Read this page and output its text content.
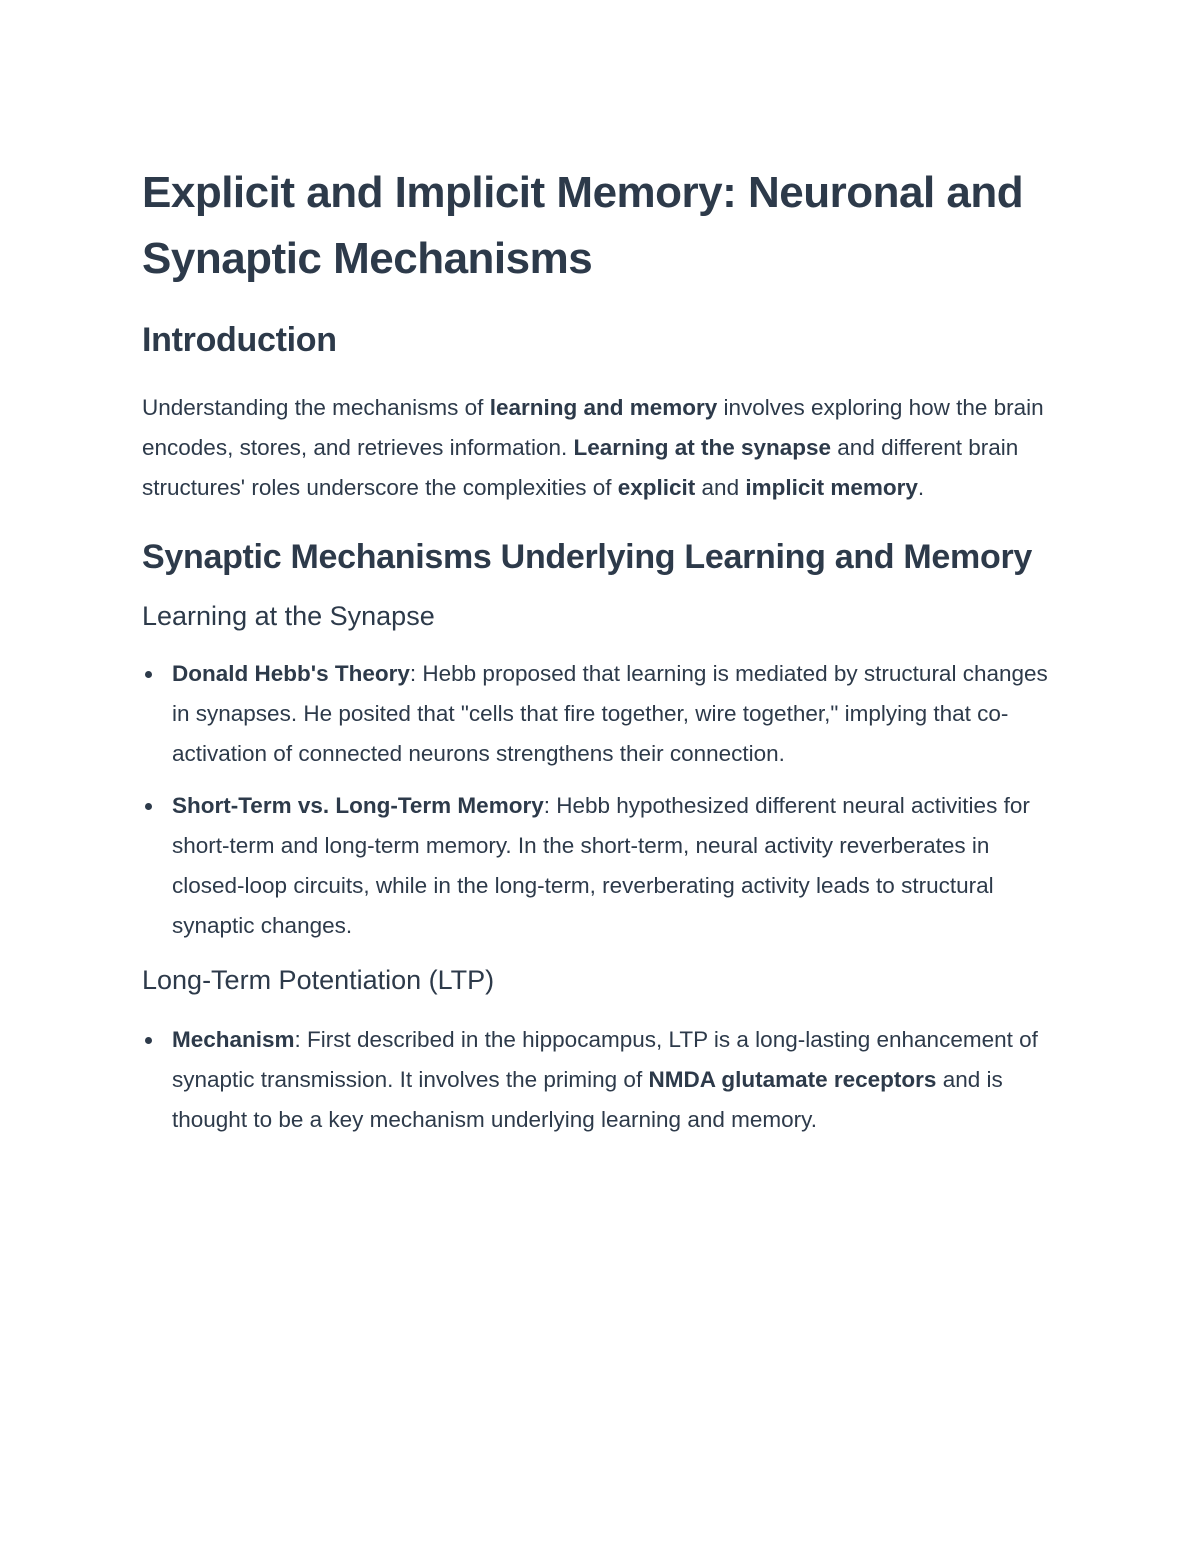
Explicit and Implicit Memory: Neuronal and Synaptic Mechanisms
Introduction

Understanding the mechanisms of learning and memory involves exploring how the brain encodes, stores, and retrieves information. Learning at the synapse and different brain structures' roles underscore the complexities of explicit and implicit memory.

Synaptic Mechanisms Underlying Learning and Memory
Learning at the Synapse
Donald Hebb's Theory: Hebb proposed that learning is mediated by structural changes in synapses. He posited that "cells that fire together, wire together," implying that co-activation of connected neurons strengthens their connection.
Short-Term vs. Long-Term Memory: Hebb hypothesized different neural activities for short-term and long-term memory. In the short-term, neural activity reverberates in closed-loop circuits, while in the long-term, reverberating activity leads to structural synaptic changes.
Long-Term Potentiation (LTP)
Mechanism: First described in the hippocampus, LTP is a long-lasting enhancement of synaptic transmission. It involves the priming of NMDA glutamate receptors and is thought to be a key mechanism underlying learning and memory.
